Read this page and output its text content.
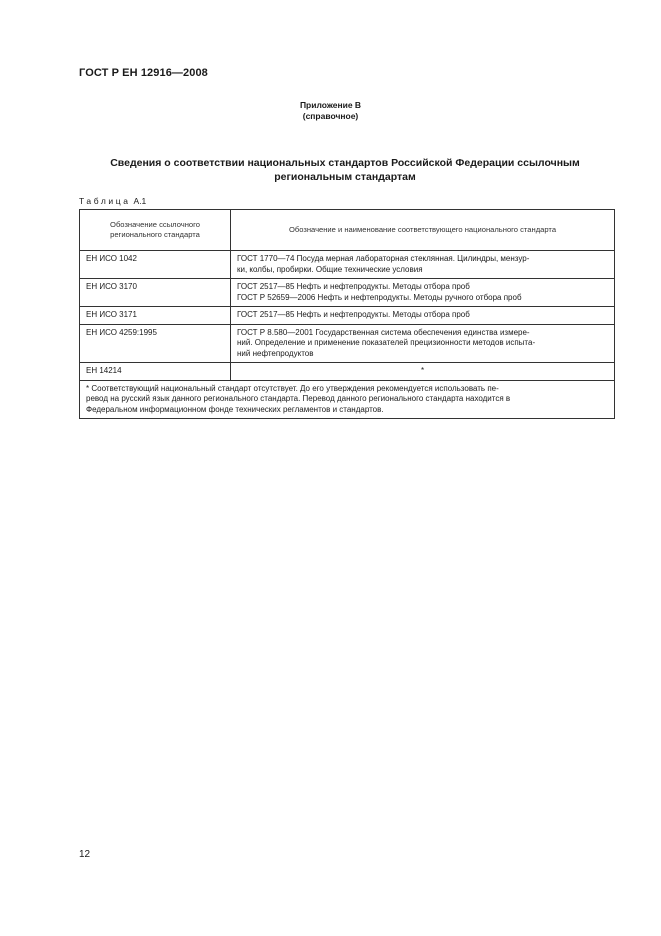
ГОСТ Р ЕН 12916—2008
Приложение В
(справочное)
Сведения о соответствии национальных стандартов Российской Федерации ссылочным
региональным стандартам
Таблица А.1
Обозначение ссылочного
регионального стандарта	Обозначение и наименование соответствующего национального стандарта
ЕН ИСО 1042	ГОСТ 1770—74 Посуда мерная лабораторная стеклянная. Цилиндры, мензур-
ки, колбы, пробирки. Общие технические условия

ЕН ИСО 3170	ГОСТ 2517—85 Нефть и нефтепродукты. Методы отбора проб
ГОСТ Р 52659—2006 Нефть и нефтепродукты. Методы ручного отбора проб

ЕН ИСО 3171	ГОСТ 2517—85 Нефть и нефтепродукты. Методы отбора проб

ЕН ИСО 4259:1995	ГОСТ Р 8.580—2001 Государственная система обеспечения единства измере-
ний. Определение и применение показателей прецизионности методов испыта-
ний нефтепродуктов

ЕН 14214	*

* Соответствующий национальный стандарт отсутствует. До его утверждения рекомендуется использовать пе-
ревод на русский язык данного регионального стандарта. Перевод данного регионального стандарта находится в
Федеральном информационном фонде технических регламентов и стандартов.	
12
